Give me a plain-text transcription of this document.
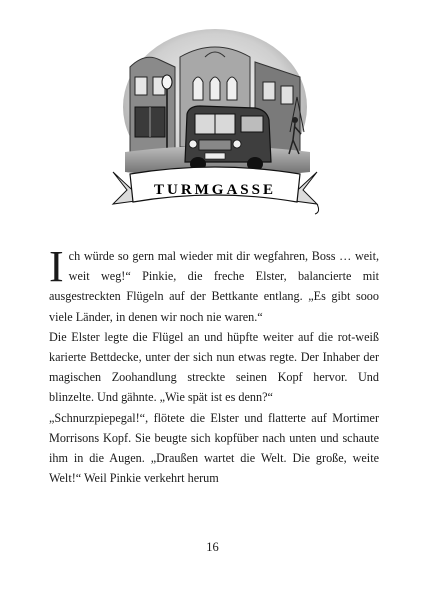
TURMGASSE

Ich würde so gern mal wieder mit dir wegfahren, Boss … weit, weit weg!“ Pinkie, die freche Elster, balancierte mit ausgestreckten Flügeln auf der Bettkante entlang. „Es gibt sooo viele Länder, in denen wir noch nie waren.“

Die Elster legte die Flügel an und hüpfte weiter auf die rot-weiß karierte Bettdecke, unter der sich nun etwas regte. Der Inhaber der magischen Zoohandlung streckte seinen Kopf hervor. Und blinzelte. Und gähnte. „Wie spät ist es denn?“

„Schnurzpiepegal!“, flötete die Elster und flatterte auf Mortimer Morrisons Kopf. Sie beugte sich kopfüber nach unten und schaute ihm in die Augen. „Draußen wartet die Welt. Die große, weite Welt!“ Weil Pinkie verkehrt herum

16
